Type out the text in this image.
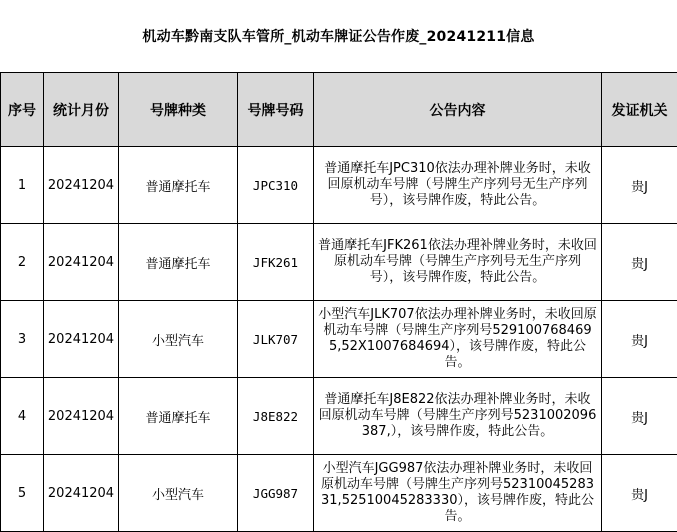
机动车黔南支队车管所_机动车牌证公告作废_20241211信息
序号	统计月份	号牌种类	号牌号码	公告内容	发证机关
1	20241204	普通摩托车	JPC310	普通摩托车JPC310依法办理补牌业务时，未收回原机动车号牌（号牌生产序列号无生产序列号），该号牌作废，特此公告。	贵J
2	20241204	普通摩托车	JFK261	普通摩托车JFK261依法办理补牌业务时，未收回原机动车号牌（号牌生产序列号无生产序列号），该号牌作废，特此公告。	贵J
3	20241204	小型汽车	JLK707	小型汽车JLK707依法办理补牌业务时，未收回原机动车号牌（号牌生产序列号5291007684695,52X1007684694），该号牌作废，特此公告。	贵J
4	20241204	普通摩托车	J8E822	普通摩托车J8E822依法办理补牌业务时，未收回原机动车号牌（号牌生产序列号5231002096387,），该号牌作废，特此公告。	贵J
5	20241204	小型汽车	JGG987	小型汽车JGG987依法办理补牌业务时，未收回原机动车号牌（号牌生产序列号5231004528331,52510045283330），该号牌作废，特此公告。	贵J
